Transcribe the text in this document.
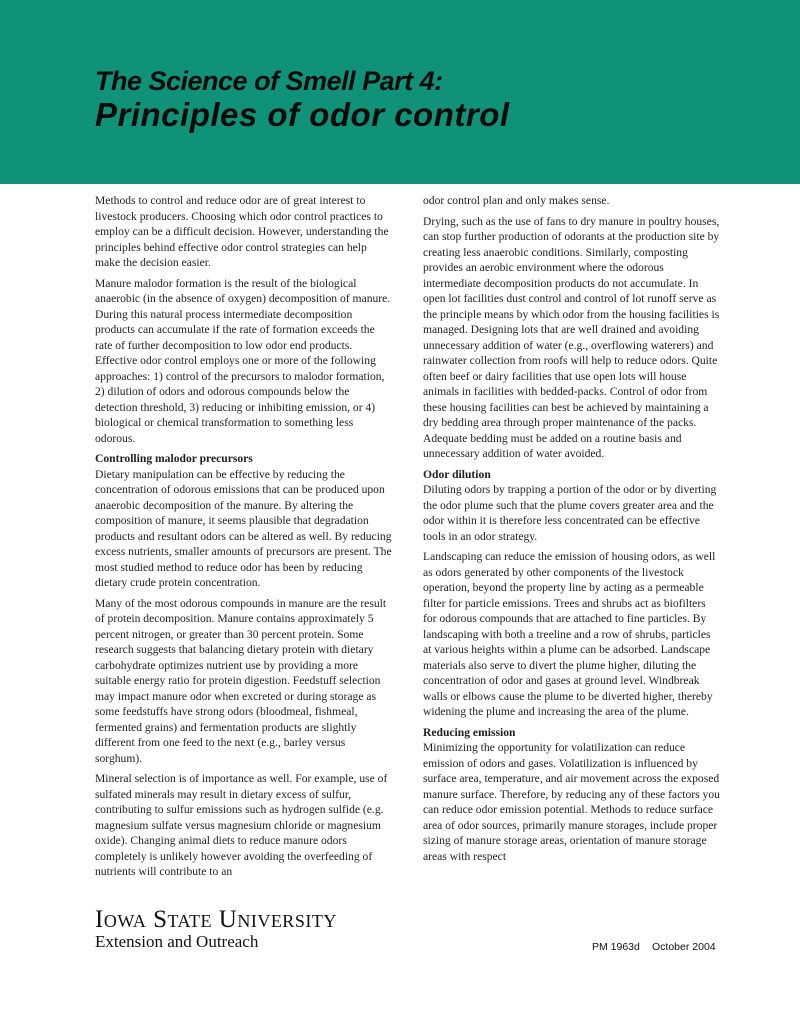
The Science of Smell Part 4:
Principles of odor control

Methods to control and reduce odor are of great interest to livestock producers. Choosing which odor control practices to employ can be a difficult decision. However, understanding the principles behind effective odor control strategies can help make the decision easier.

Manure malodor formation is the result of the biological anaerobic (in the absence of oxygen) decomposition of manure. During this natural process intermediate decomposition products can accumulate if the rate of formation exceeds the rate of further decomposition to low odor end products. Effective odor control employs one or more of the following approaches: 1) control of the precursors to malodor formation, 2) dilution of odors and odorous compounds below the detection threshold, 3) reducing or inhibiting emission, or 4) biological or chemical transformation to something less odorous.

Controlling malodor precursors

Dietary manipulation can be effective by reducing the concentration of odorous emissions that can be produced upon anaerobic decomposition of the manure. By altering the composition of manure, it seems plausible that degradation products and resultant odors can be altered as well. By reducing excess nutrients, smaller amounts of precursors are present. The most studied method to reduce odor has been by reducing dietary crude protein concentration.

Many of the most odorous compounds in manure are the result of protein decomposition. Manure contains approximately 5 percent nitrogen, or greater than 30 percent protein. Some research suggests that balancing dietary protein with dietary carbohydrate optimizes nutrient use by providing a more suitable energy ratio for protein digestion. Feedstuff selection may impact manure odor when excreted or during storage as some feedstuffs have strong odors (bloodmeal, fishmeal, fermented grains) and fermentation products are slightly different from one feed to the next (e.g., barley versus sorghum).

Mineral selection is of importance as well. For example, use of sulfated minerals may result in dietary excess of sulfur, contributing to sulfur emissions such as hydrogen sulfide (e.g. magnesium sulfate versus magnesium chloride or magnesium oxide). Changing animal diets to reduce manure odors completely is unlikely however avoiding the overfeeding of nutrients will contribute to an

odor control plan and only makes sense.

Drying, such as the use of fans to dry manure in poultry houses, can stop further production of odorants at the production site by creating less anaerobic conditions. Similarly, composting provides an aerobic environment where the odorous intermediate decomposition products do not accumulate. In open lot facilities dust control and control of lot runoff serve as the principle means by which odor from the housing facilities is managed. Designing lots that are well drained and avoiding unnecessary addition of water (e.g., overflowing waterers) and rainwater collection from roofs will help to reduce odors. Quite often beef or dairy facilities that use open lots will house animals in facilities with bedded-packs. Control of odor from these housing facilities can best be achieved by maintaining a dry bedding area through proper maintenance of the packs. Adequate bedding must be added on a routine basis and unnecessary addition of water avoided.

Odor dilution

Diluting odors by trapping a portion of the odor or by diverting the odor plume such that the plume covers greater area and the odor within it is therefore less concentrated can be effective tools in an odor strategy.

Landscaping can reduce the emission of housing odors, as well as odors generated by other components of the livestock operation, beyond the property line by acting as a permeable filter for particle emissions. Trees and shrubs act as biofilters for odorous compounds that are attached to fine particles. By landscaping with both a treeline and a row of shrubs, particles at various heights within a plume can be adsorbed. Landscape materials also serve to divert the plume higher, diluting the concentration of odor and gases at ground level. Windbreak walls or elbows cause the plume to be diverted higher, thereby widening the plume and increasing the area of the plume.

Reducing emission

Minimizing the opportunity for volatilization can reduce emission of odors and gases. Volatilization is influenced by surface area, temperature, and air movement across the exposed manure surface. Therefore, by reducing any of these factors you can reduce odor emission potential. Methods to reduce surface area of odor sources, primarily manure storages, include proper sizing of manure storage areas, orientation of manure storage areas with respect

Iowa State University
Extension and Outreach	PM 1963d October 2004
